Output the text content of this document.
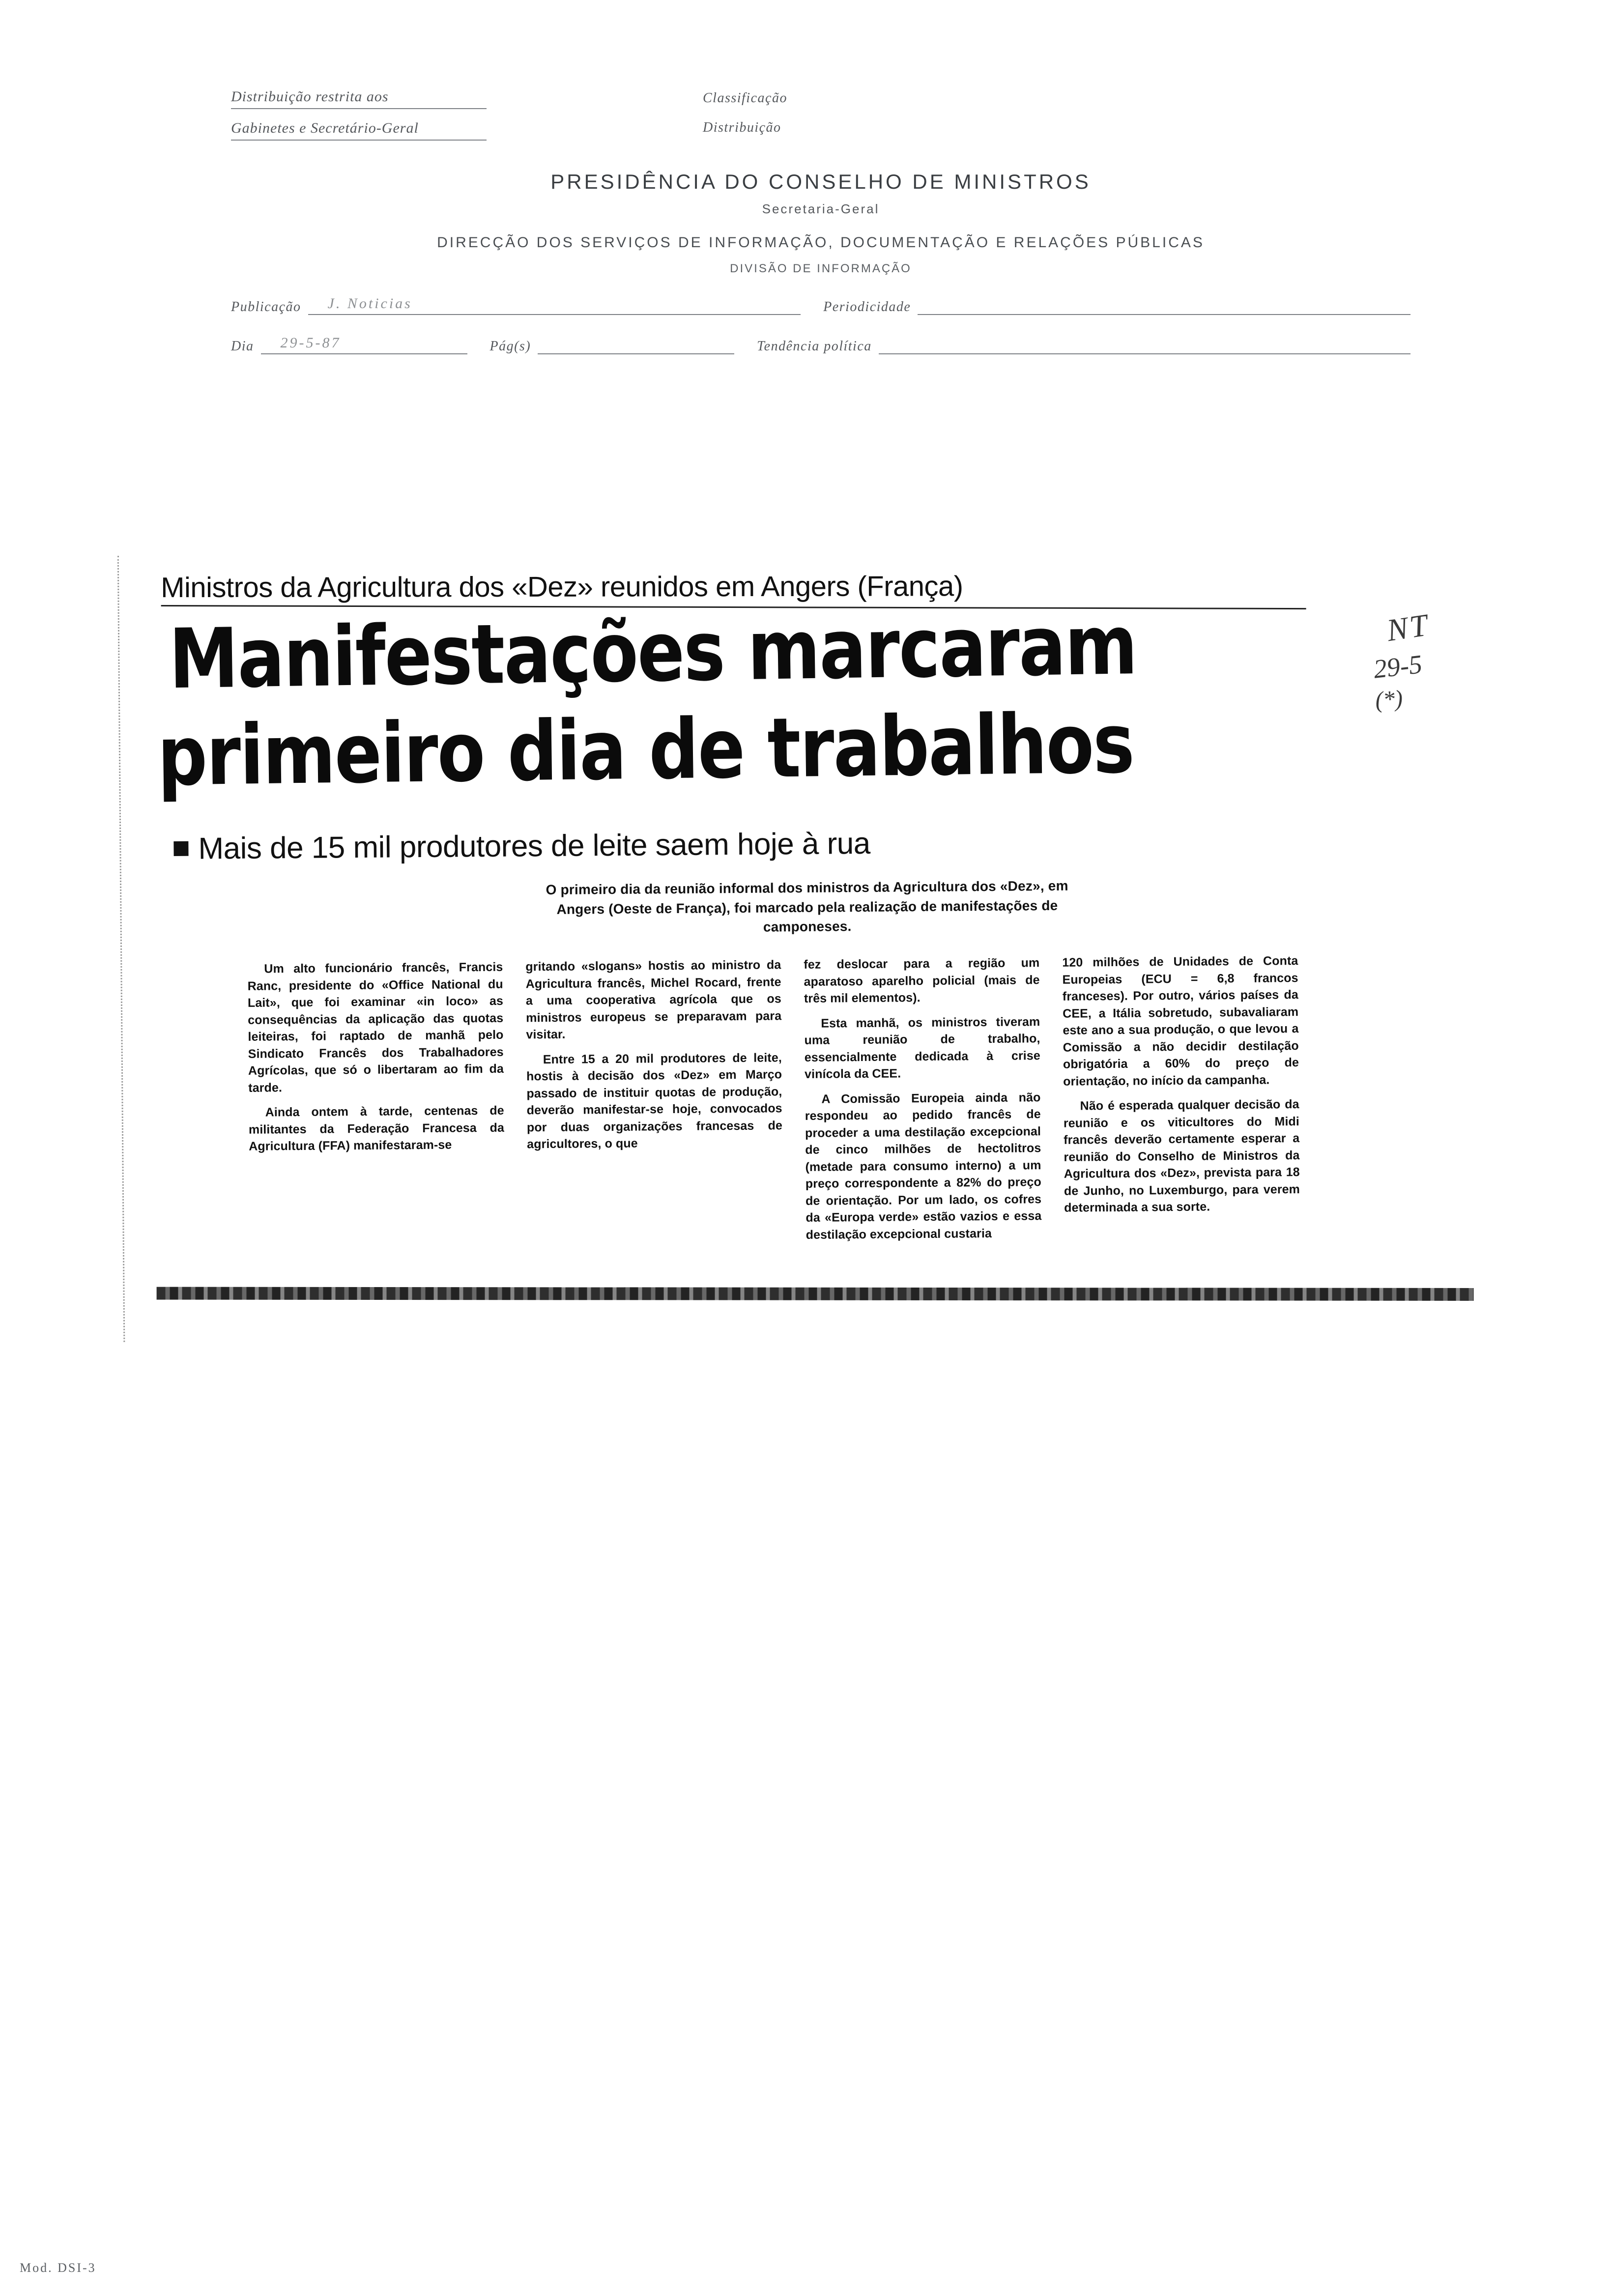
Distribuição restrita aos
Gabinetes e Secretário-Geral
Classificação
Distribuição
PRESIDÊNCIA DO CONSELHO DE MINISTROS
Secretaria-Geral
DIRECÇÃO DOS SERVIÇOS DE INFORMAÇÃO, DOCUMENTAÇÃO E RELAÇÕES PÚBLICAS
DIVISÃO DE INFORMAÇÃO
Publicação J. Noticias	Periodicidade
Dia 29-5-87	Pág(s)	Tendência política
Ministros da Agricultura dos «Dez» reunidos em Angers (França)
Manifestações marcaram
primeiro dia de trabalhos
Mais de 15 mil produtores de leite saem hoje à rua
O primeiro dia da reunião informal dos ministros da Agricultura dos «Dez», em Angers (Oeste de França), foi marcado pela realização de manifestações de camponeses.

Um alto funcionário francês, Francis Ranc, presidente do «Office National du Lait», que foi examinar «in loco» as consequências da aplicação das quotas leiteiras, foi raptado de manhã pelo Sindicato Francês dos Trabalhadores Agrícolas, que só o libertaram ao fim da tarde.

Ainda ontem à tarde, centenas de militantes da Federação Francesa da Agricultura (FFA) manifestaram-se

gritando «slogans» hostis ao ministro da Agricultura francês, Michel Rocard, frente a uma cooperativa agrícola que os ministros europeus se preparavam para visitar.

Entre 15 a 20 mil produtores de leite, hostis à decisão dos «Dez» em Março passado de instituir quotas de produção, deverão manifestar-se hoje, convocados por duas organizações francesas de agricultores, o que

fez deslocar para a região um aparatoso aparelho policial (mais de três mil elementos).

Esta manhã, os ministros tiveram uma reunião de trabalho, essencialmente dedicada à crise vinícola da CEE.

A Comissão Europeia ainda não respondeu ao pedido francês de proceder a uma destilação excepcional de cinco milhões de hectolitros (metade para consumo interno) a um preço correspondente a 82% do preço de orientação. Por um lado, os cofres da «Europa verde» estão vazios e essa destilação excepcional custaria

120 milhões de Unidades de Conta Europeias (ECU = 6,8 francos franceses). Por outro, vários países da CEE, a Itália sobretudo, subavaliaram este ano a sua produção, o que levou a Comissão a não decidir destilação obrigatória a 60% do preço de orientação, no início da campanha.

Não é esperada qualquer decisão da reunião e os viticultores do Midi francês deverão certamente esperar a reunião do Conselho de Ministros da Agricultura dos «Dez», prevista para 18 de Junho, no Luxemburgo, para verem determinada a sua sorte.

NT
29-5
(*)
Mod. DSI-3
